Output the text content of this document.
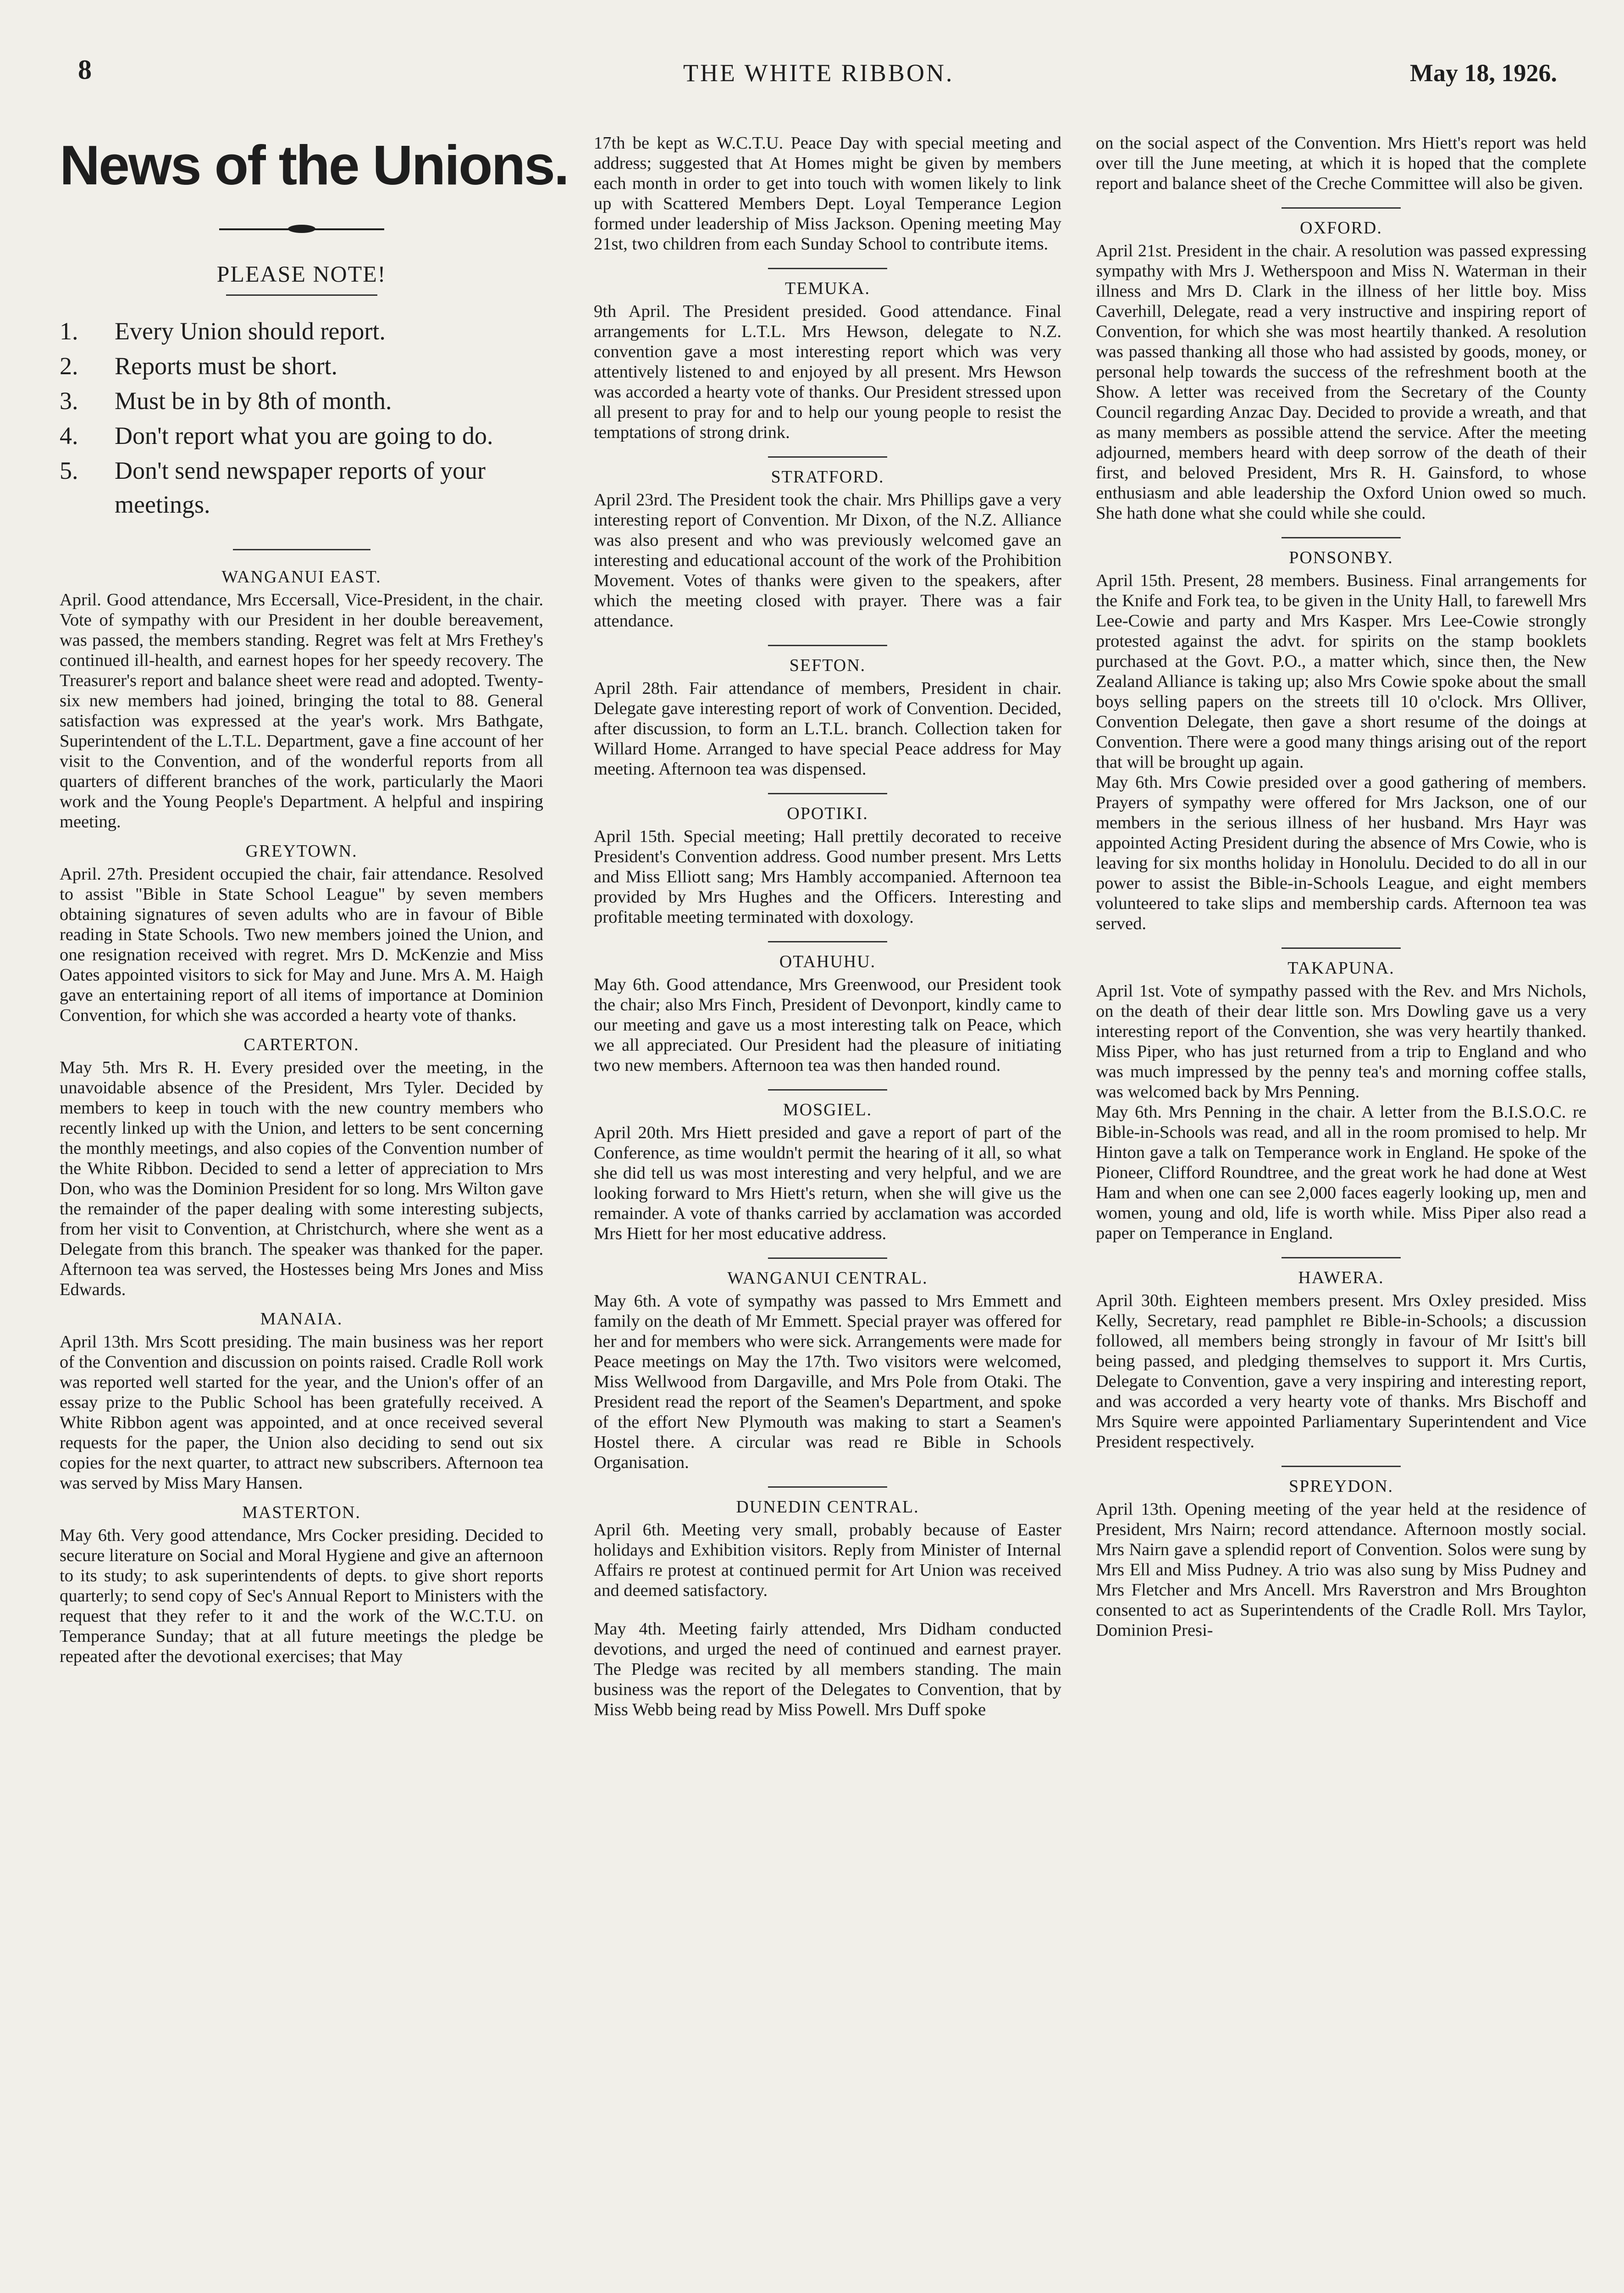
8	THE WHITE RIBBON.	May 18, 1926.
News of the Unions.
PLEASE NOTE!
1.	Every Union should report.
2.	Reports must be short.
3.	Must be in by 8th of month.
4.	Don't report what you are going to do.
5.	Don't send newspaper reports of your meetings.
WANGANUI EAST.

April. Good attendance, Mrs Eccersall, Vice-President, in the chair. Vote of sympathy with our President in her double bereavement, was passed, the members standing. Regret was felt at Mrs Frethey's continued ill-health, and earnest hopes for her speedy recovery. The Treasurer's report and balance sheet were read and adopted. Twenty-six new members had joined, bringing the total to 88. General satisfaction was expressed at the year's work. Mrs Bathgate, Superintendent of the L.T.L. Department, gave a fine account of her visit to the Convention, and of the wonderful reports from all quarters of different branches of the work, particularly the Maori work and the Young People's Department. A helpful and inspiring meeting.

GREYTOWN.

April. 27th. President occupied the chair, fair attendance. Resolved to assist "Bible in State School League" by seven members obtaining signatures of seven adults who are in favour of Bible reading in State Schools. Two new members joined the Union, and one resignation received with regret. Mrs D. McKenzie and Miss Oates appointed visitors to sick for May and June. Mrs A. M. Haigh gave an entertaining report of all items of importance at Dominion Convention, for which she was accorded a hearty vote of thanks.

CARTERTON.

May 5th. Mrs R. H. Every presided over the meeting, in the unavoidable absence of the President, Mrs Tyler. Decided by members to keep in touch with the new country members who recently linked up with the Union, and letters to be sent concerning the monthly meetings, and also copies of the Convention number of the White Ribbon. Decided to send a letter of appreciation to Mrs Don, who was the Dominion President for so long. Mrs Wilton gave the remainder of the paper dealing with some interesting subjects, from her visit to Convention, at Christchurch, where she went as a Delegate from this branch. The speaker was thanked for the paper. Afternoon tea was served, the Hostesses being Mrs Jones and Miss Edwards.

MANAIA.

April 13th. Mrs Scott presiding. The main business was her report of the Convention and discussion on points raised. Cradle Roll work was reported well started for the year, and the Union's offer of an essay prize to the Public School has been gratefully received. A White Ribbon agent was appointed, and at once received several requests for the paper, the Union also deciding to send out six copies for the next quarter, to attract new subscribers. Afternoon tea was served by Miss Mary Hansen.

MASTERTON.

May 6th. Very good attendance, Mrs Cocker presiding. Decided to secure literature on Social and Moral Hygiene and give an afternoon to its study; to ask superintendents of depts. to give short reports quarterly; to send copy of Sec's Annual Report to Ministers with the request that they refer to it and the work of the W.C.T.U. on Temperance Sunday; that at all future meetings the pledge be repeated after the devotional exercises; that May

17th be kept as W.C.T.U. Peace Day with special meeting and address; suggested that At Homes might be given by members each month in order to get into touch with women likely to link up with Scattered Members Dept. Loyal Temperance Legion formed under leadership of Miss Jackson. Opening meeting May 21st, two children from each Sunday School to contribute items.

TEMUKA.

9th April. The President presided. Good attendance. Final arrangements for L.T.L. Mrs Hewson, delegate to N.Z. convention gave a most interesting report which was very attentively listened to and enjoyed by all present. Mrs Hewson was accorded a hearty vote of thanks. Our President stressed upon all present to pray for and to help our young people to resist the temptations of strong drink.

STRATFORD.

April 23rd. The President took the chair. Mrs Phillips gave a very interesting report of Convention. Mr Dixon, of the N.Z. Alliance was also present and who was previously welcomed gave an interesting and educational account of the work of the Prohibition Movement. Votes of thanks were given to the speakers, after which the meeting closed with prayer. There was a fair attendance.

SEFTON.

April 28th. Fair attendance of members, President in chair. Delegate gave interesting report of work of Convention. Decided, after discussion, to form an L.T.L. branch. Collection taken for Willard Home. Arranged to have special Peace address for May meeting. Afternoon tea was dispensed.

OPOTIKI.

April 15th. Special meeting; Hall prettily decorated to receive President's Convention address. Good number present. Mrs Letts and Miss Elliott sang; Mrs Hambly accompanied. Afternoon tea provided by Mrs Hughes and the Officers. Interesting and profitable meeting terminated with doxology.

OTAHUHU.

May 6th. Good attendance, Mrs Greenwood, our President took the chair; also Mrs Finch, President of Devonport, kindly came to our meeting and gave us a most interesting talk on Peace, which we all appreciated. Our President had the pleasure of initiating two new members. Afternoon tea was then handed round.

MOSGIEL.

April 20th. Mrs Hiett presided and gave a report of part of the Conference, as time wouldn't permit the hearing of it all, so what she did tell us was most interesting and very helpful, and we are looking forward to Mrs Hiett's return, when she will give us the remainder. A vote of thanks carried by acclamation was accorded Mrs Hiett for her most educative address.

WANGANUI CENTRAL.

May 6th. A vote of sympathy was passed to Mrs Emmett and family on the death of Mr Emmett. Special prayer was offered for her and for members who were sick. Arrangements were made for Peace meetings on May the 17th. Two visitors were welcomed, Miss Wellwood from Dargaville, and Mrs Pole from Otaki. The President read the report of the Seamen's Department, and spoke of the effort New Plymouth was making to start a Seamen's Hostel there. A circular was read re Bible in Schools Organisation.

DUNEDIN CENTRAL.

April 6th. Meeting very small, probably because of Easter holidays and Exhibition visitors. Reply from Minister of Internal Affairs re protest at continued permit for Art Union was received and deemed satisfactory.

May 4th. Meeting fairly attended, Mrs Didham conducted devotions, and urged the need of continued and earnest prayer. The Pledge was recited by all members standing. The main business was the report of the Delegates to Convention, that by Miss Webb being read by Miss Powell. Mrs Duff spoke

on the social aspect of the Convention. Mrs Hiett's report was held over till the June meeting, at which it is hoped that the complete report and balance sheet of the Creche Committee will also be given.

OXFORD.

April 21st. President in the chair. A resolution was passed expressing sympathy with Mrs J. Wetherspoon and Miss N. Waterman in their illness and Mrs D. Clark in the illness of her little boy. Miss Caverhill, Delegate, read a very instructive and inspiring report of Convention, for which she was most heartily thanked. A resolution was passed thanking all those who had assisted by goods, money, or personal help towards the success of the refreshment booth at the Show. A letter was received from the Secretary of the County Council regarding Anzac Day. Decided to provide a wreath, and that as many members as possible attend the service. After the meeting adjourned, members heard with deep sorrow of the death of their first, and beloved President, Mrs R. H. Gainsford, to whose enthusiasm and able leadership the Oxford Union owed so much. She hath done what she could while she could.

PONSONBY.

April 15th. Present, 28 members. Business. Final arrangements for the Knife and Fork tea, to be given in the Unity Hall, to farewell Mrs Lee-Cowie and party and Mrs Kasper. Mrs Lee-Cowie strongly protested against the advt. for spirits on the stamp booklets purchased at the Govt. P.O., a matter which, since then, the New Zealand Alliance is taking up; also Mrs Cowie spoke about the small boys selling papers on the streets till 10 o'clock. Mrs Olliver, Convention Delegate, then gave a short resume of the doings at Convention. There were a good many things arising out of the report that will be brought up again.
May 6th. Mrs Cowie presided over a good gathering of members. Prayers of sympathy were offered for Mrs Jackson, one of our members in the serious illness of her husband. Mrs Hayr was appointed Acting President during the absence of Mrs Cowie, who is leaving for six months holiday in Honolulu. Decided to do all in our power to assist the Bible-in-Schools League, and eight members volunteered to take slips and membership cards. Afternoon tea was served.

TAKAPUNA.

April 1st. Vote of sympathy passed with the Rev. and Mrs Nichols, on the death of their dear little son. Mrs Dowling gave us a very interesting report of the Convention, she was very heartily thanked. Miss Piper, who has just returned from a trip to England and who was much impressed by the penny tea's and morning coffee stalls, was welcomed back by Mrs Penning.
May 6th. Mrs Penning in the chair. A letter from the B.I.S.O.C. re Bible-in-Schools was read, and all in the room promised to help. Mr Hinton gave a talk on Temperance work in England. He spoke of the Pioneer, Clifford Roundtree, and the great work he had done at West Ham and when one can see 2,000 faces eagerly looking up, men and women, young and old, life is worth while. Miss Piper also read a paper on Temperance in England.

HAWERA.

April 30th. Eighteen members present. Mrs Oxley presided. Miss Kelly, Secretary, read pamphlet re Bible-in-Schools; a discussion followed, all members being strongly in favour of Mr Isitt's bill being passed, and pledging themselves to support it. Mrs Curtis, Delegate to Convention, gave a very inspiring and interesting report, and was accorded a very hearty vote of thanks. Mrs Bischoff and Mrs Squire were appointed Parliamentary Superintendent and Vice President respectively.

SPREYDON.

April 13th. Opening meeting of the year held at the residence of President, Mrs Nairn; record attendance. Afternoon mostly social. Mrs Nairn gave a splendid report of Convention. Solos were sung by Mrs Ell and Miss Pudney. A trio was also sung by Miss Pudney and Mrs Fletcher and Mrs Ancell. Mrs Raverstron and Mrs Broughton consented to act as Superintendents of the Cradle Roll. Mrs Taylor, Dominion Presi-
